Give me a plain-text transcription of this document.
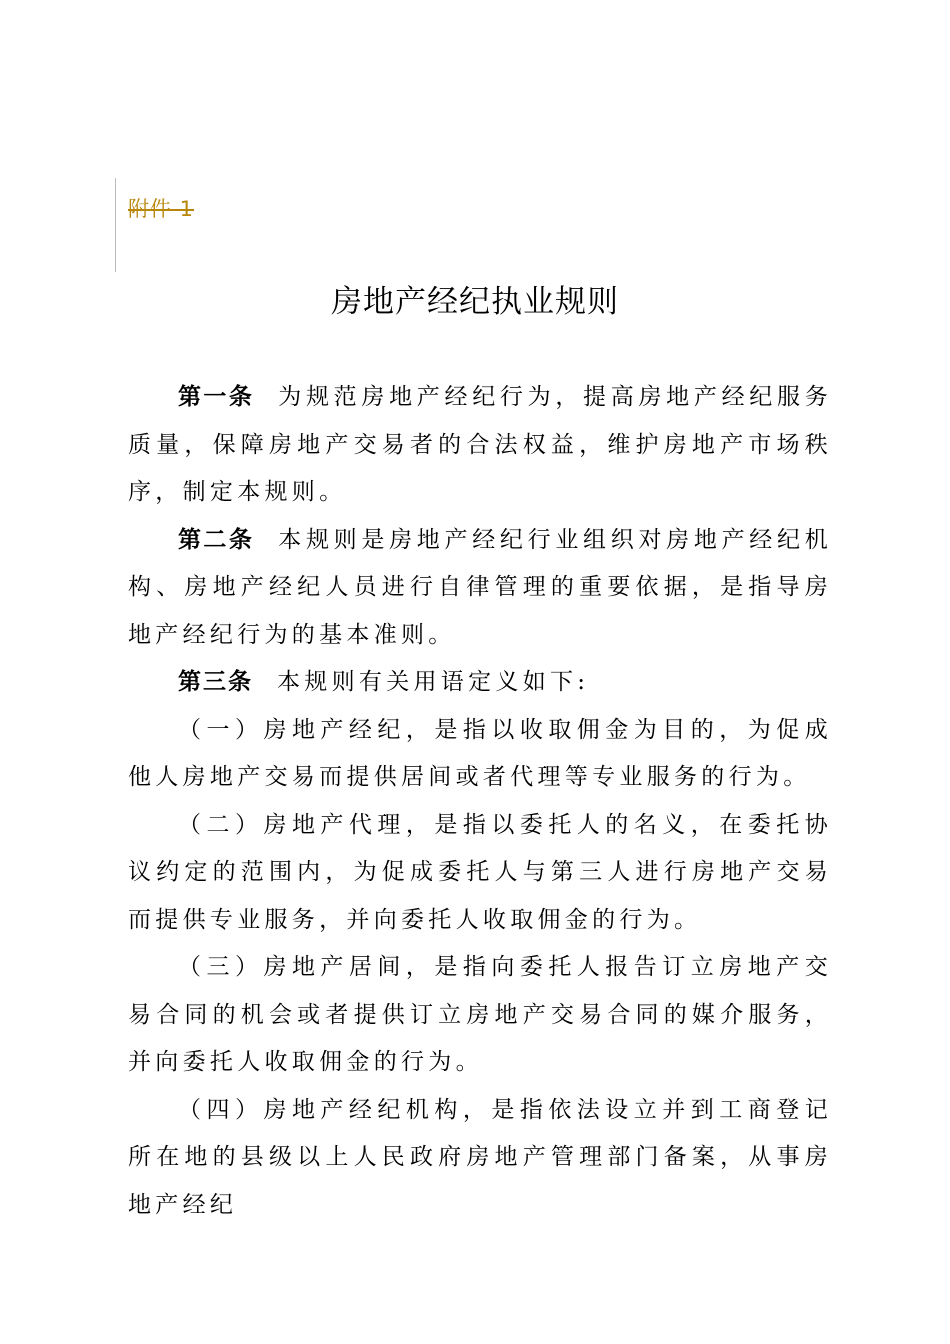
附件 1
房地产经纪执业规则

第一条 为规范房地产经纪行为，提高房地产经纪服务质量，保障房地产交易者的合法权益，维护房地产市场秩序，制定本规则。

第二条 本规则是房地产经纪行业组织对房地产经纪机构、房地产经纪人员进行自律管理的重要依据，是指导房地产经纪行为的基本准则。

第三条 本规则有关用语定义如下:

（一）房地产经纪，是指以收取佣金为目的，为促成他人房地产交易而提供居间或者代理等专业服务的行为。

（二）房地产代理，是指以委托人的名义，在委托协议约定的范围内，为促成委托人与第三人进行房地产交易而提供专业服务，并向委托人收取佣金的行为。

（三）房地产居间，是指向委托人报告订立房地产交易合同的机会或者提供订立房地产交易合同的媒介服务，并向委托人收取佣金的行为。

（四）房地产经纪机构，是指依法设立并到工商登记所在地的县级以上人民政府房地产管理部门备案，从事房地产经纪
